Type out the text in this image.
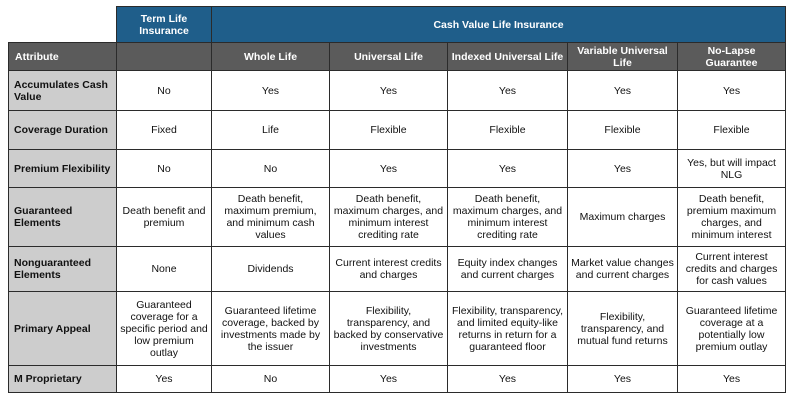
	Term Life Insurance	Cash Value Life Insurance				
Attribute		Whole Life	Universal Life	Indexed Universal Life	Variable Universal Life	No-Lapse Guarantee
Accumulates Cash Value	No	Yes	Yes	Yes	Yes	Yes
Coverage Duration	Fixed	Life	Flexible	Flexible	Flexible	Flexible
Premium Flexibility	No	No	Yes	Yes	Yes	Yes, but will impact NLG
Guaranteed Elements	Death benefit and premium	Death benefit, maximum premium, and minimum cash values	Death benefit, maximum charges, and minimum interest crediting rate	Death benefit, maximum charges, and minimum interest crediting rate	Maximum charges	Death benefit, premium maximum charges, and minimum interest
Nonguaranteed Elements	None	Dividends	Current interest credits and charges	Equity index changes and current charges	Market value changes and current charges	Current interest credits and charges for cash values
Primary Appeal	Guaranteed coverage for a specific period and low premium outlay	Guaranteed lifetime coverage, backed by investments made by the issuer	Flexibility, transparency, and backed by conservative investments	Flexibility, transparency, and limited equity-like returns in return for a guaranteed floor	Flexibility, transparency, and mutual fund returns	Guaranteed lifetime coverage at a potentially low premium outlay
M Proprietary	Yes	No	Yes	Yes	Yes	Yes
